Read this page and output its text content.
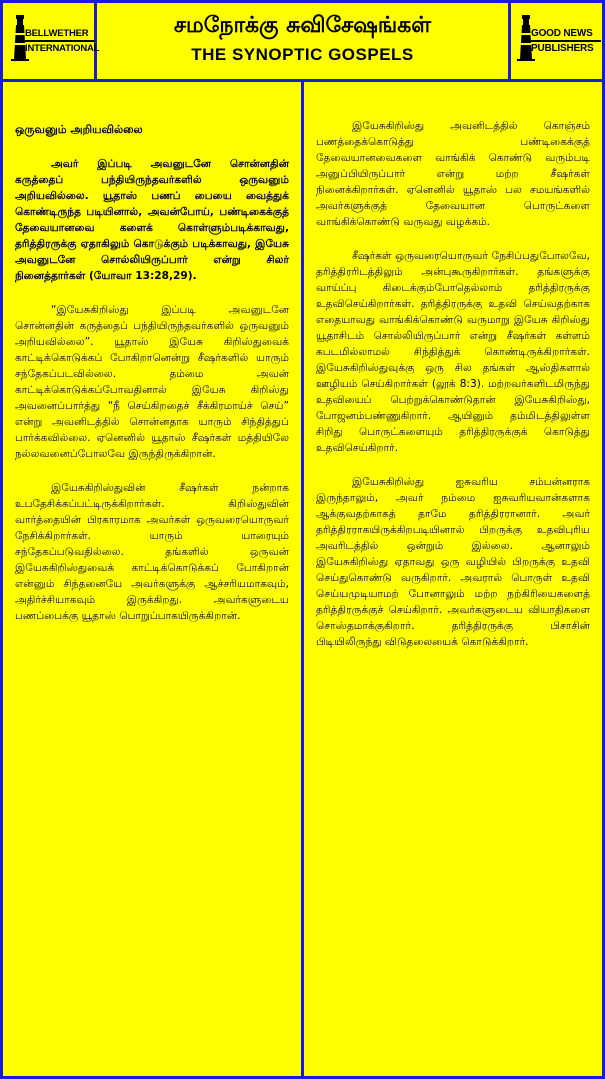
BELLWETHER
INTERNATIONAL
சமநோக்கு சுவிசேஷங்கள்
THE SYNOPTIC GOSPELS
GOOD NEWS
PUBLISHERS
ஒருவனும் அறியவில்லை

அவர் இப்படி அவனுடனே சொன்னதின் கருத்தைப் பந்தியிருந்தவர்களில் ஒருவனும் அறியவில்லை. யூதாஸ் பணப் பையை வைத்துக் கொண்டிருந்த படியினால், அவன்போய், பண்டிகைக்குத் தேவையானவை களைக் கொள்ளும்படிக்காவது, தரித்திரருக்கு ஏதாகிலும் கொடுக்கும் படிக்காவது, இயேசு அவனுடனே சொல்லியிருப்பார் என்று சிலர் நினைத்தார்கள் (யோவா 13:28,29).

“இயேசுகிறிஸ்து இப்படி அவனுடனே சொன்னதின் கருத்தைப் பந்தியிருந்தவர்களில் ஒருவனும் அறியவில்லை”. யூதாஸ் இயேசு கிறிஸ்துவைக் காட்டிக்கொடுக்கப் போகிறானென்று சீஷர்களில் யாரும் சந்தேகப்படவில்லை. தம்மை அவன் காட்டிக்கொடுக்கப்போவதினால் இயேசு கிறிஸ்து அவனைப்பார்த்து “நீ செய்கிறதைச் சீக்கிரமாய்ச் செய்” என்று அவனிடத்தில் சொன்னதாக யாரும் சிந்தித்துப் பார்க்கவில்லை. ஏனெனில் யூதாஸ் சீஷர்கள் மத்தியிலே நல்லவனைப்போலவே இருந்திருக்கிறான்.

இயேசுகிறிஸ்துவின் சீஷர்கள் நன்றாக உபதேசிக்கப்பட்டிருக்கிறார்கள். கிறிஸ்துவின் வார்த்தையின் பிரகாரமாக அவர்கள் ஒருவரையொருவர் நேசிக்கிறார்கள். யாரும் யாரையும் சந்தேகப்படுவதில்லை. தங்களில் ஒருவன் இயேசுகிறிஸ்துவைக் காட்டிக்கொடுக்கப் போகிறான் என்னும் சிந்தனையே அவர்களுக்கு ஆச்சரியமாகவும், அதிர்ச்சியாகவும் இருக்கிறது. அவர்களுடைய பணப்பைக்கு யூதாஸ் பொறுப்பாகயிருக்கிறான்.

இயேசுகிறிஸ்து அவனிடத்தில் கொஞ்சம் பணத்தைக்கொடுத்து பண்டிகைக்குத் தேவையானவைகளை வாங்கிக் கொண்டு வரும்படி அனுப்பியிருப்பார் என்று மற்ற சீஷர்கள் நினைக்கிறார்கள். ஏனெனில் யூதாஸ் பல சமயங்களில் அவர்களுக்குத் தேவையான பொருட்களை வாங்கிக்கொண்டு வருவது வழக்கம்.

சீஷர்கள் ஒருவரையொருவர் நேசிப்பதுபோலவே, தரித்திரரிடத்திலும் அன்புகூருகிறார்கள். தங்களுக்கு வாய்ப்பு கிடைக்கும்போதெல்லாம் தரித்திரருக்கு உதவிசெய்கிறார்கள். தரித்திரருக்கு உதவி செய்வதற்காக எதையாவது வாங்கிக்கொண்டு வருமாறு இயேசு கிறிஸ்து யூதாசிடம் சொல்லியிருப்பார் என்று சீஷர்கள் கள்ளம் கபடமில்லாமல் சிந்தித்துக் கொண்டிருக்கிறார்கள். இயேசுகிறிஸ்துவுக்கு ஒரு சில தங்கள் ஆஸ்திகளால் ஊழியம் செய்கிறார்கள் (லூக் 8:3). மற்றவர்களிடமிருந்து உதவியைப் பெற்றுக்கொண்டுதான் இயேசுகிறிஸ்து, போஜனம்பண்ணுகிறார். ஆயினும் தம்மிடத்திலுள்ள சிறிது பொருட்களையும் தரித்திரருக்குக் கொடுத்து உதவிசெய்கிறார்.

இயேசுகிறிஸ்து ஐசுவரிய சம்பன்னராக இருந்தாலும், அவர் நம்மை ஐசுவரியவான்களாக ஆக்குவதற்காகத் தாமே தரித்திரரானார். அவர் தரித்திரராகயிருக்கிறபடியினால் பிறருக்கு உதவிபுரிய அவரிடத்தில் ஒன்றும் இல்லை. ஆனாலும் இயேசுகிறிஸ்து ஏதாவது ஒரு வழியில் பிறருக்கு உதவி செய்துகொண்டு வருகிறார். அவரால் பொருள் உதவி செய்யமுடியாமற் போனாலும் மற்ற நற்கிரியைகளைத் தரித்திரருக்குச் செய்கிறார். அவர்களுடைய வியாதிகளை சொஸ்தமாக்குகிறார். தரித்திரருக்கு பிசாசின் பிடியிலிருந்து விடுதலையைக் கொடுக்கிறார்.
